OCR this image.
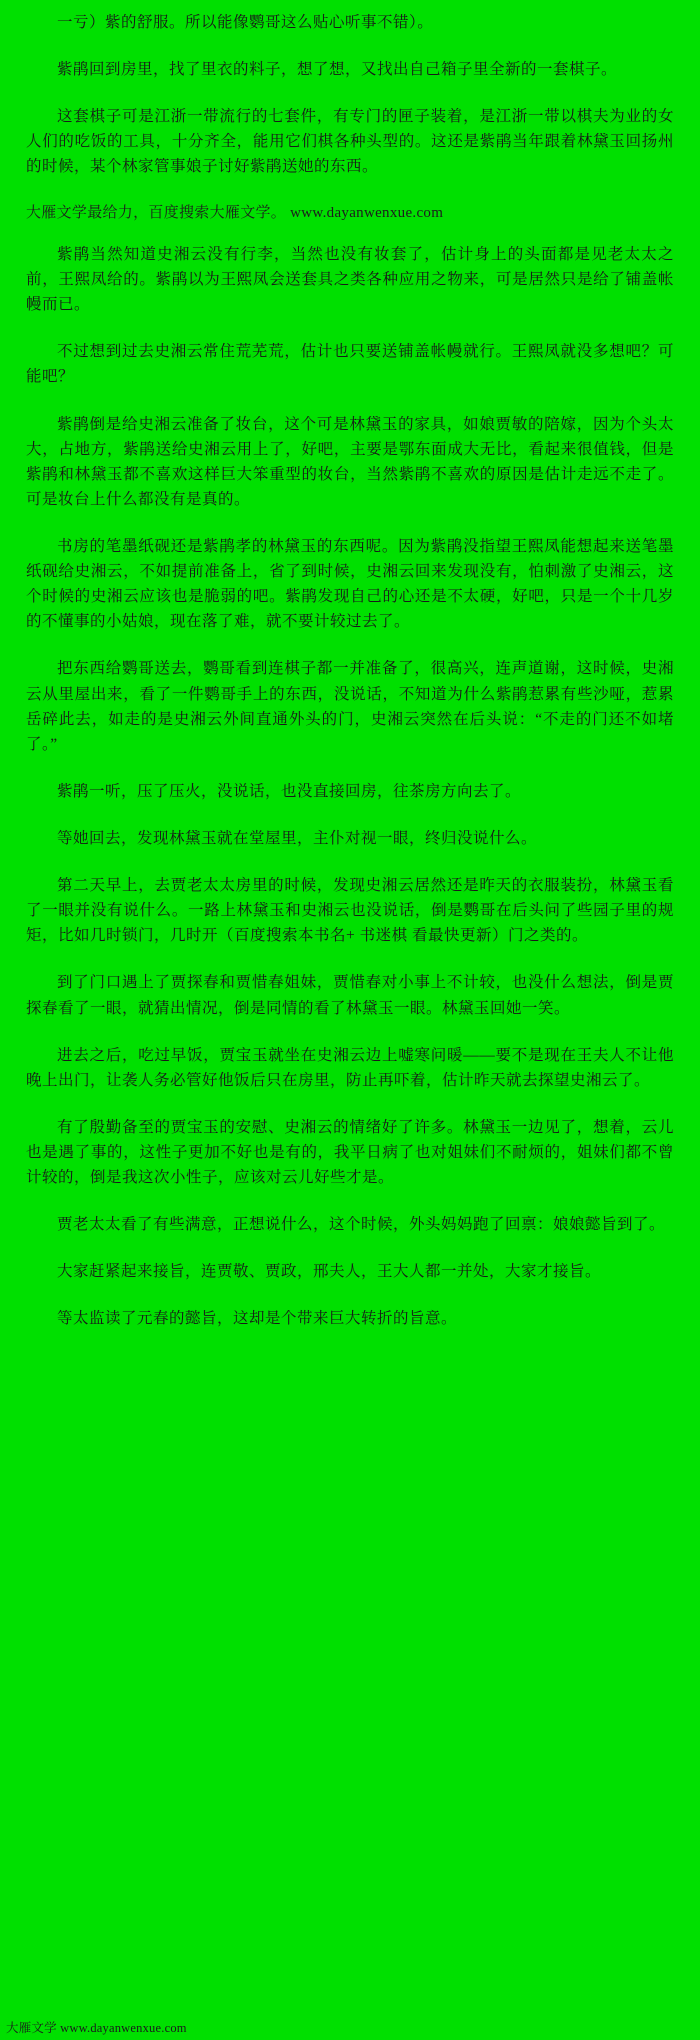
一亏）紫的舒服。所以能像鹦哥这么贴心听事不错）。

紫鹃回到房里，找了里衣的料子，想了想，又找出自己箱子里全新的一套棋子。

这套棋子可是江浙一带流行的七套件，有专门的匣子装着，是江浙一带以棋夫为业的女人们的吃饭的工具，十分齐全，能用它们棋各种头型的。这还是紫鹃当年跟着林黛玉回扬州的时候，某个林家管事娘子讨好紫鹃送她的东西。

大雁文学最给力，百度搜索大雁文学。 www.dayanwenxue.com

紫鹃当然知道史湘云没有行李，当然也没有妆套了，估计身上的头面都是见老太太之前，王熙凤给的。紫鹃以为王熙凤会送套具之类各种应用之物来，可是居然只是给了铺盖帐幔而已。

不过想到过去史湘云常住荒芜荒，估计也只要送铺盖帐幔就行。王熙凤就没多想吧？可能吧？

紫鹃倒是给史湘云准备了妆台，这个可是林黛玉的家具，如娘贾敏的陪嫁，因为个头太大，占地方，紫鹃送给史湘云用上了，好吧，主要是鄂东面成大无比，看起来很值钱，但是紫鹃和林黛玉都不喜欢这样巨大笨重型的妆台，当然紫鹃不喜欢的原因是估计走远不走了。可是妆台上什么都没有是真的。

书房的笔墨纸砚还是紫鹃孝的林黛玉的东西呢。因为紫鹃没指望王熙凤能想起来送笔墨纸砚给史湘云，不如提前准备上，省了到时候，史湘云回来发现没有，怕刺激了史湘云，这个时候的史湘云应该也是脆弱的吧。紫鹃发现自己的心还是不太硬，好吧，只是一个十几岁的不懂事的小姑娘，现在落了难，就不要计较过去了。

把东西给鹦哥送去，鹦哥看到连棋子都一并准备了，很高兴，连声道谢，这时候，史湘云从里屋出来，看了一件鹦哥手上的东西，没说话，不知道为什么紫鹃惹累有些沙哑，惹累岳碎此去，如走的是史湘云外间直通外头的门，史湘云突然在后头说：“不走的门还不如堵了。”

紫鹃一听，压了压火，没说话，也没直接回房，往茶房方向去了。

等她回去，发现林黛玉就在堂屋里，主仆对视一眼，终归没说什么。

第二天早上，去贾老太太房里的时候，发现史湘云居然还是昨天的衣服装扮，林黛玉看了一眼并没有说什么。一路上林黛玉和史湘云也没说话，倒是鹦哥在后头问了些园子里的规矩，比如几时锁门，几时开（百度搜索本书名+ 书迷棋 看最快更新）门之类的。

到了门口遇上了贾探春和贾惜春姐妹，贾惜春对小事上不计较，也没什么想法，倒是贾探春看了一眼，就猜出情况，倒是同情的看了林黛玉一眼。林黛玉回她一笑。

进去之后，吃过早饭，贾宝玉就坐在史湘云边上嘘寒问暖——要不是现在王夫人不让他晚上出门，让袭人务必管好他饭后只在房里，防止再吓着，估计昨天就去探望史湘云了。

有了殷勤备至的贾宝玉的安慰、史湘云的情绪好了许多。林黛玉一边见了，想着，云儿也是遇了事的，这性子更加不好也是有的，我平日病了也对姐妹们不耐烦的，姐妹们都不曾计较的，倒是我这次小性子，应该对云儿好些才是。

贾老太太看了有些满意，正想说什么，这个时候，外头妈妈跑了回禀：娘娘懿旨到了。

大家赶紧起来接旨，连贾敬、贾政，邢夫人，王大人都一并处，大家才接旨。

等太监读了元春的懿旨，这却是个带来巨大转折的旨意。

大雁文学 www.dayanwenxue.com
